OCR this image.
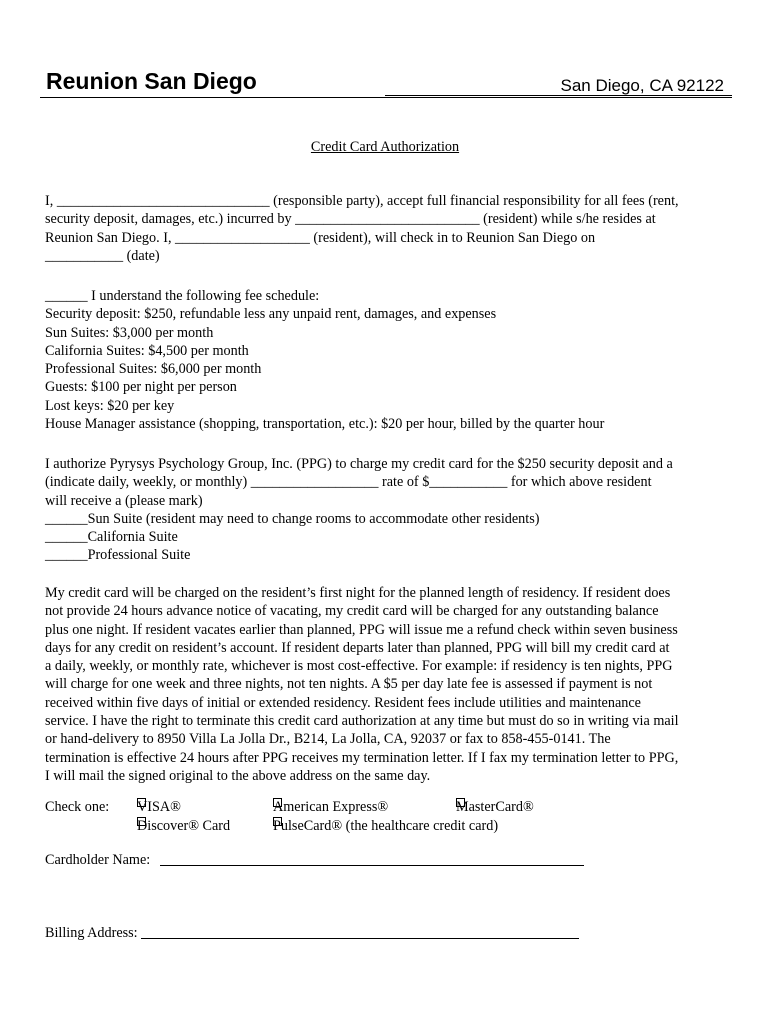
Reunion San Diego	San Diego, CA 92122
Credit Card Authorization
I, ______________________________ (responsible party), accept full financial responsibility for all fees (rent,
security deposit, damages, etc.) incurred by __________________________ (resident) while s/he resides at
Reunion San Diego. I, ___________________ (resident), will check in to Reunion San Diego on
___________ (date)
______ I understand the following fee schedule:
Security deposit: $250, refundable less any unpaid rent, damages, and expenses
Sun Suites: $3,000 per month
California Suites: $4,500 per month
Professional Suites: $6,000 per month
Guests: $100 per night per person
Lost keys: $20 per key
House Manager assistance (shopping, transportation, etc.): $20 per hour, billed by the quarter hour
I authorize Pyrysys Psychology Group, Inc. (PPG) to charge my credit card for the $250 security deposit and a
(indicate daily, weekly, or monthly) __________________ rate of $___________ for which above resident
will receive a (please mark)
______Sun Suite (resident may need to change rooms to accommodate other residents)
______California Suite
______Professional Suite
My credit card will be charged on the resident’s first night for the planned length of residency. If resident does
not provide 24 hours advance notice of vacating, my credit card will be charged for any outstanding balance
plus one night. If resident vacates earlier than planned, PPG will issue me a refund check within seven business
days for any credit on resident’s account. If resident departs later than planned, PPG will bill my credit card at
a daily, weekly, or monthly rate, whichever is most cost-effective. For example: if residency is ten nights, PPG
will charge for one week and three nights, not ten nights. A $5 per day late fee is assessed if payment is not
received within five days of initial or extended residency. Resident fees include utilities and maintenance
service. I have the right to terminate this credit card authorization at any time but must do so in writing via mail
or hand-delivery to 8950 Villa La Jolla Dr., B214, La Jolla, CA, 92037 or fax to 858-455-0141. The
termination is effective 24 hours after PPG receives my termination letter. If I fax my termination letter to PPG,
I will mail the signed original to the above address on the same day.
Check one: VISA®	American Express®	MasterCard®
Discover® Card	PulseCard® (the healthcare credit card)
Cardholder Name:
Billing Address:
